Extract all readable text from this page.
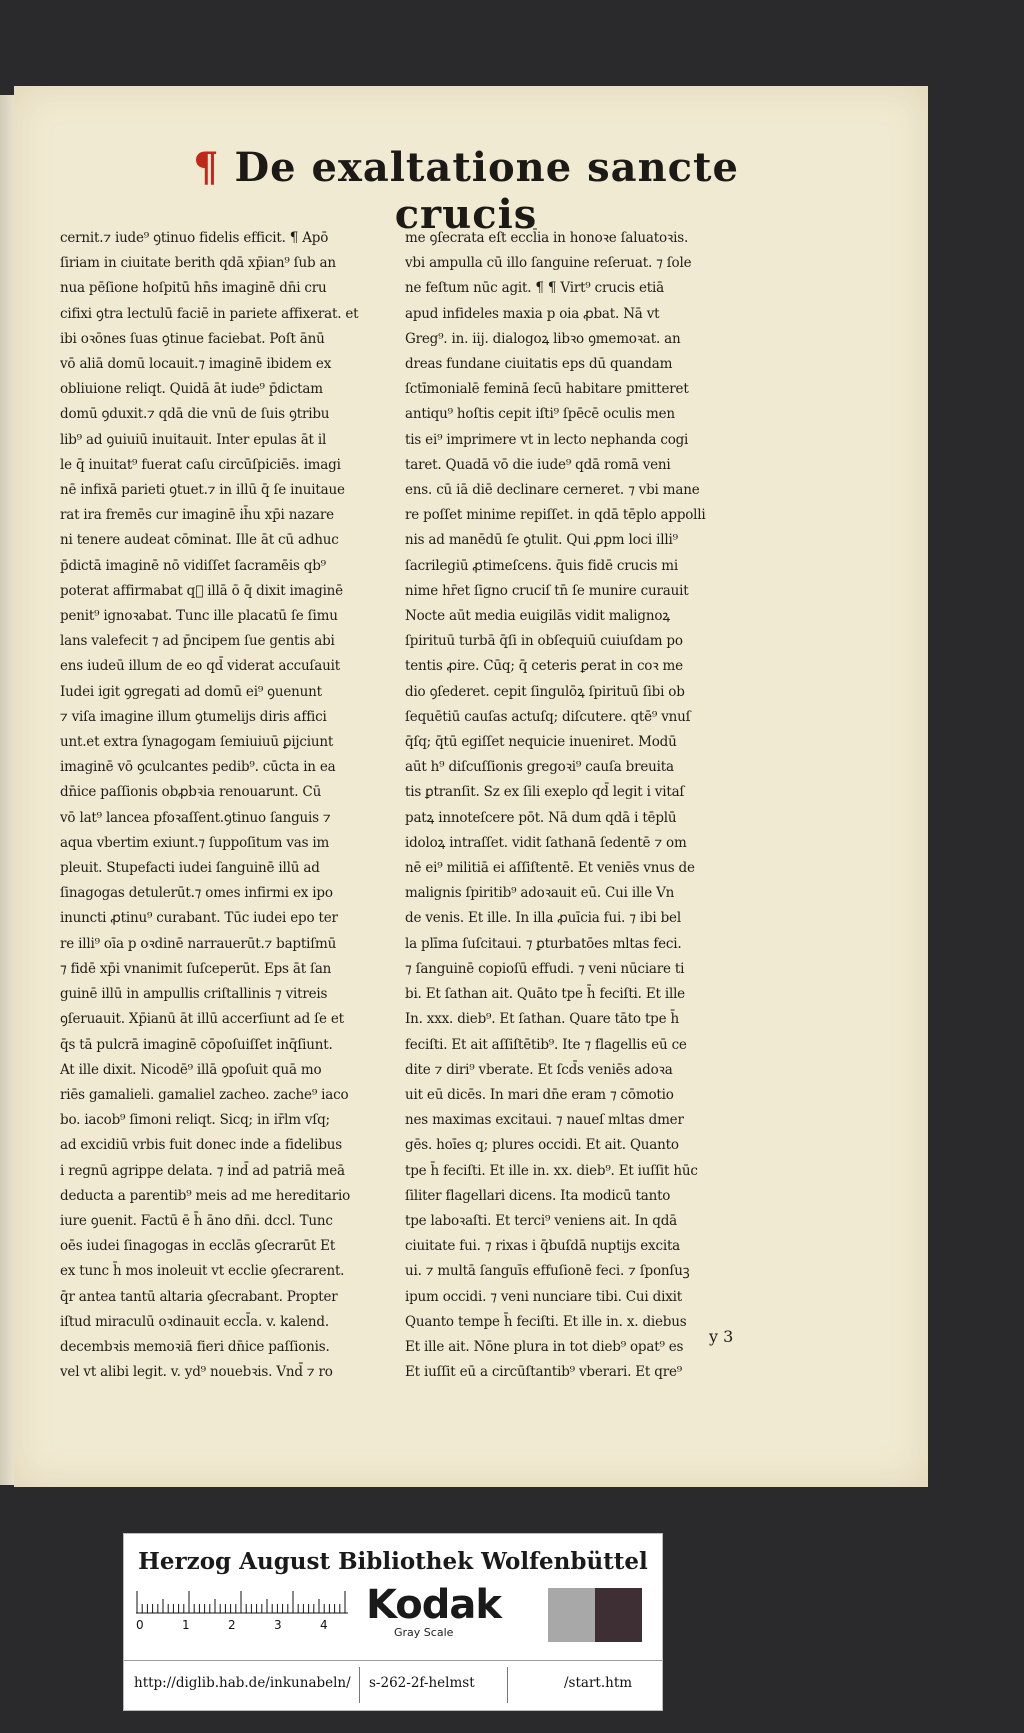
¶ De exaltatione sancte crucis
cernit.⁊ iude⁹ ꝯtinuo fidelis efficit. ¶ Apō
ſiriam in ciuitate berith qdā xp̄ian⁹ ſub an
nua pēſione hoſpitū hn̄s imaginē dn̄i cru
cifixi ꝯtra lectulū faciē in pariete affixerat. et
ibi oꝛōnes ſuas ꝯtinue faciebat. Poſt ānū
vō aliā domū locauit.⁊ imaginē ibidem ex
obliuione reliqt. Quidā āt iude⁹ p̄dictam
domū ꝯduxit.⁊ qdā die vnū de ſuis ꝯtribu
lib⁹ ad ꝯuiuiū inuitauit. Inter epulas āt il
le q̄ inuitat⁹ fuerat caſu circūſpiciēs. imagi
nē infixā parieti ꝯtuet.⁊ in illū q̄ ſe inuitaue
rat ira fremēs cur imaginē ih̄u xp̄i nazare
ni tenere audeat cōminat. Ille āt cū adhuc
p̄dictā imaginē nō vidiſſet ſacramēis qb⁹
poterat affirmabat q᷑ illā ō q̄ dixit imaginē
penit⁹ ignoꝛabat. Tunc ille placatū ſe ſimu
lans valefecit ⁊ ad p̄ncipem ſue gentis abi
ens iudeū illum de eo qd̄ viderat accuſauit
Iudei igit ꝯgregati ad domū ei⁹ ꝯuenunt
⁊ viſa imagine illum ꝯtumelijs diris affici
unt.et extra ſynagogam ſemiuiuū ꝑijciunt
imaginē vō ꝯculcantes pedib⁹. cūcta in ea
dn̄ice paſſionis obꝓbꝛia renouarunt. Cū
vō lat⁹ lancea pfoꝛaſſent.ꝯtinuo ſanguis ⁊
aqua vbertim exiunt.⁊ ſuppoſitum vas im
pleuit. Stupefacti iudei ſanguinē illū ad
ſinagogas detulerūt.⁊ omes infirmi ex ipo
inuncti ꝓtinu⁹ curabant. Tūc iudei epo ter
re illi⁹ oīa p oꝛdinē narrauerūt.⁊ baptiſmū
⁊ fidē xp̄i vnanimit ſuſceperūt. Eps āt ſan
guinē illū in ampullis criſtallinis ⁊ vitreis
ꝯſeruauit. Xp̄ianū āt illū accerſiunt ad ſe et
q̄s tā pulcrā imaginē cōpoſuiſſet inq̄ſiunt.
At ille dixit. Nicodē⁹ illā ꝯpoſuit quā mo
riēs gamalieli. gamaliel zacheo. zache⁹ iaco
bo. iacob⁹ ſimoni reliqt. Sicq; in ir̄lm vſq;
ad excidiū vrbis fuit donec inde a fidelibus
i regnū agrippe delata. ⁊ ind̄ ad patriā meā
deducta a parentib⁹ meis ad me hereditario
iure ꝯuenit. Factū ē h̄ āno dn̄i. dccl. Tunc
oēs iudei ſinagogas in ecclās ꝯſecrarūt Et
ex tunc h̄ mos inoleuit vt ecclie ꝯſecrarent.
q̄r antea tantū altaria ꝯſecrabant. Propter
iſtud miraculū oꝛdinauit eccl̄a. v. kalend.
decembꝛis memoꝛiā fieri dn̄ice paſſionis.
vel vt alibi legit. v. yd⁹ nouebꝛis. Vnd̄ ⁊ ro
me ꝯſecrata eſt eccl̄ia in honoꝛe ſaluatoꝛis.
vbi ampulla cū illo ſanguine reſeruat. ⁊ ſole
ne feſtum nūc agit. ¶ ¶ Virt⁹ crucis etiā
apud infideles maxia p oia ꝓbat. Nā vt
Greg⁹. in. iij. dialogoꝝ libꝛo ꝯmemoꝛat. an
dreas fundane ciuitatis eps dū quandam
ſctīmonialē feminā ſecū habitare pmitteret
antiqu⁹ hoſtis cepit iſti⁹ ſpēcē oculis men
tis ei⁹ imprimere vt in lecto nephanda cogi
taret. Quadā vō die iude⁹ qdā romā veni
ens. cū iā diē declinare cerneret. ⁊ vbi mane
re poſſet minime repiſſet. in qdā tēplo appolli
nis ad manēdū ſe ꝯtulit. Qui ꝓpm loci illi⁹
ſacrilegiū ꝓtimeſcens. q̄uis fidē crucis mi
nime hr̄et ſigno cruciſ tn̄ ſe munire curauit
Nocte aūt media euigilās vidit malignoꝝ
ſpirituū turbā q̄ſi in obſequiū cuiuſdam po
tentis ꝓire. Cūq; q̄ ceteris ꝑerat in coꝛ me
dio ꝯſederet. cepit ſingulōꝝ ſpirituū ſibi ob
ſequētiū cauſas actuſq; diſcutere. qtē⁹ vnuſ
q̄ſq; q̄tū egiſſet nequicie inueniret. Modū
aūt h⁹ diſcuſſionis gregoꝛi⁹ cauſa breuita
tis ꝑtranſit. Sz ex ſili exeplo qd̄ legit i vitaſ
patꝝ innoteſcere pōt. Nā dum qdā i tēplū
idoloꝝ intraſſet. vidit ſathanā ſedentē ⁊ om
nē ei⁹ militiā ei aſſiſtentē. Et veniēs vnus de
malignis ſpiritib⁹ adoꝛauit eū. Cui ille Vn
de venis. Et ille. In illa ꝓuīcia fui. ⁊ ibi bel
la plīma ſuſcitaui. ⁊ ꝑturbatōes mltas feci.
⁊ ſanguinē copioſū effudi. ⁊ veni nūciare ti
bi. Et ſathan ait. Quāto tpe h̄ feciſti. Et ille
In. xxx. dieb⁹. Et ſathan. Quare tāto tpe h̄
feciſti. Et ait aſſiſtētib⁹. Ite ⁊ flagellis eū ce
dite ⁊ diri⁹ vberate. Et ſcd̄s veniēs adoꝛa
uit eū dicēs. In mari dn̄e eram ⁊ cōmotio
nes maximas excitaui. ⁊ naueſ mltas dmer
gēs. hoīes q; plures occidi. Et ait. Quanto
tpe h̄ feciſti. Et ille in. xx. dieb⁹. Et iuſſit hūc
ſiliter flagellari dicens. Ita modicū tanto
tpe laboꝛaſti. Et terci⁹ veniens ait. In qdā
ciuitate fui. ⁊ rixas i q̄buſdā nuptijs excita
ui. ⁊ multā ſanguīs effuſionē feci. ⁊ ſponſuꝫ
ipum occidi. ⁊ veni nunciare tibi. Cui dixit
Quanto tempe h̄ feciſti. Et ille in. x. diebus
Et ille ait. Nōne plura in tot dieb⁹ opat⁹ es
Et iuſſit eū a circūſtantib⁹ vberari. Et qre⁹
y 3
Herzog August Bibliothek Wolfenbüttel
0	1	2	3	4 Kodak
Gray Scale
http://diglib.hab.de/inkunabeln/ s-262-2f-helmst	/start.htm
